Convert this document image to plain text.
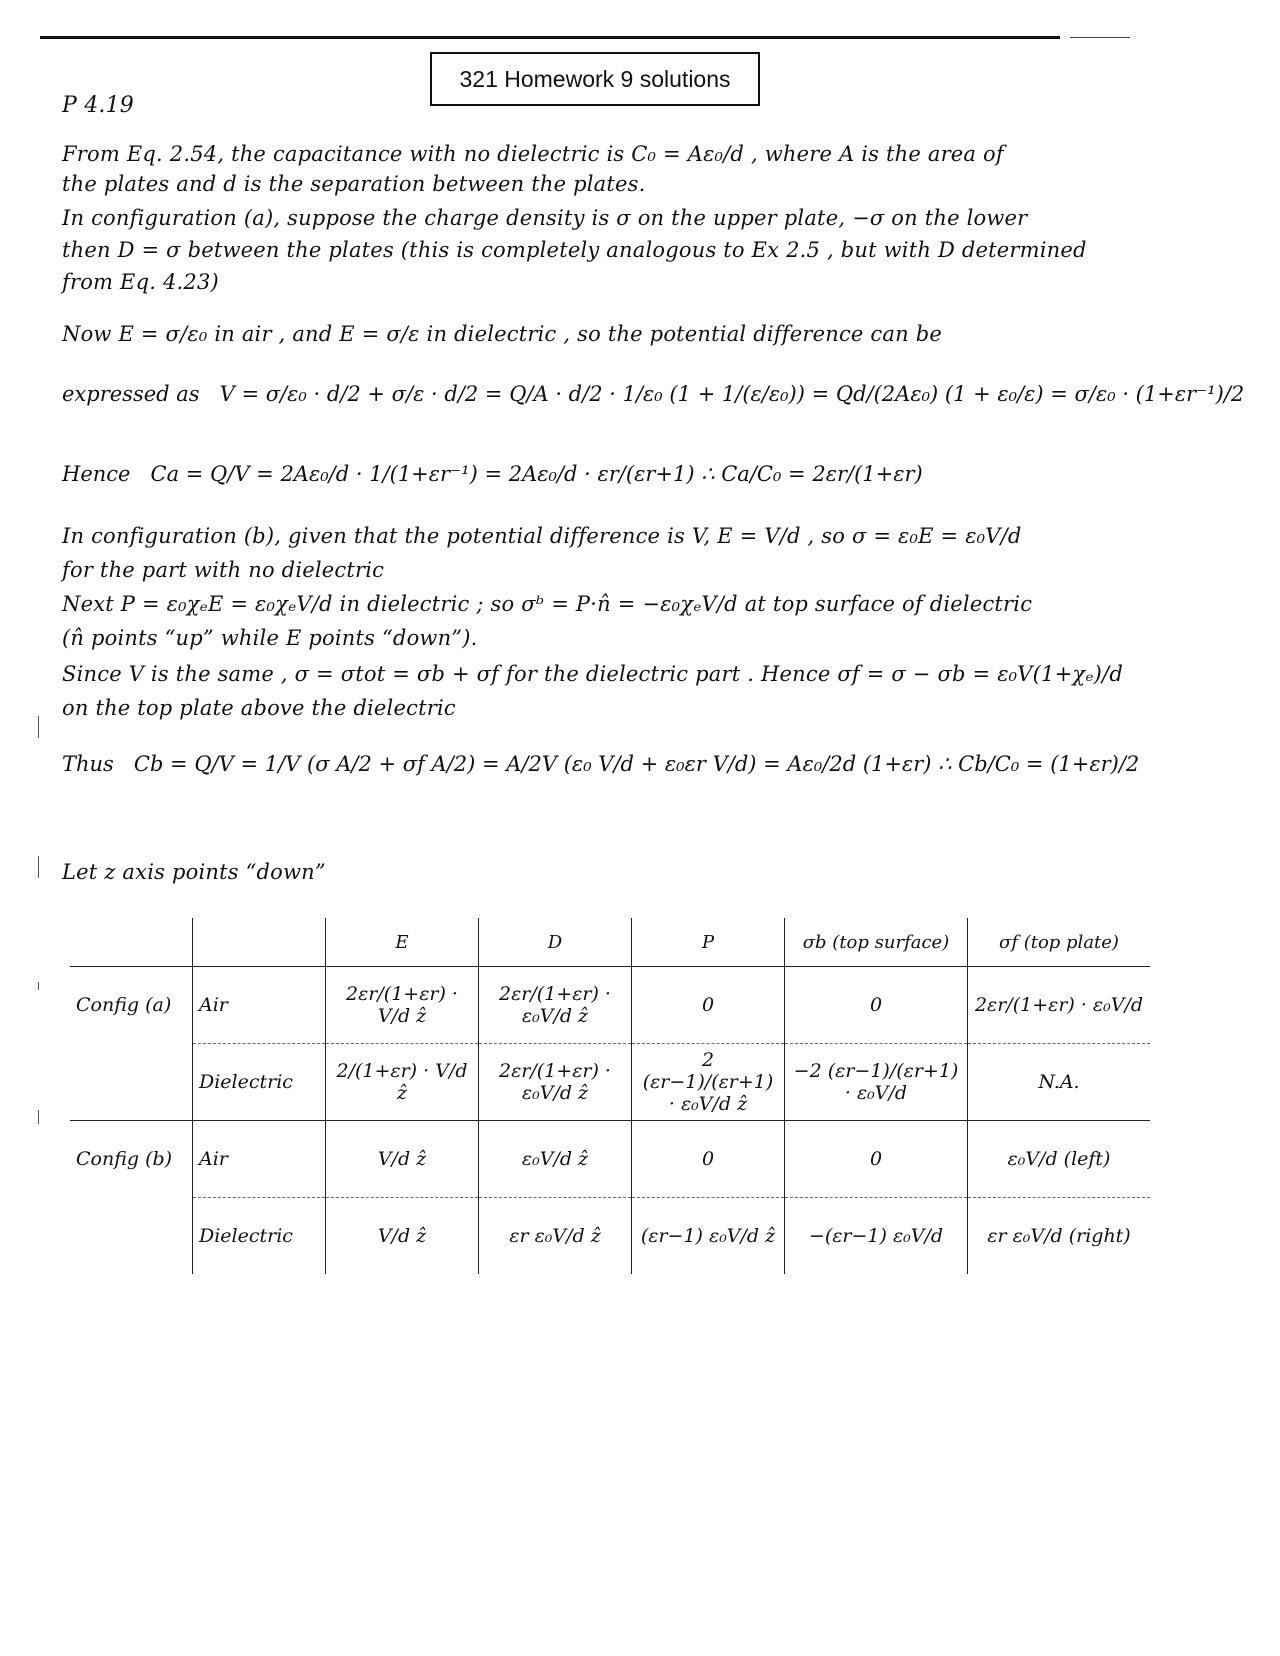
321 Homework 9 solutions
P 4.19
From Eq. 2.54, the capacitance with no dielectric is C₀ = Aε₀/d , where A is the area of
the plates and d is the separation between the plates.
In configuration (a), suppose the charge density is σ on the upper plate, −σ on the lower
then D = σ between the plates (this is completely analogous to Ex 2.5 , but with D determined
from Eq. 4.23)
Now E = σ/ε₀ in air , and E = σ/ε in dielectric , so the potential difference can be
expressed as V = σ/ε₀ · d/2 + σ/ε · d/2 = Q/A · d/2 · 1/ε₀ (1 + 1/(ε/ε₀)) = Qd/(2Aε₀) (1 + ε₀/ε) = σ/ε₀ · (1+εr⁻¹)/2
Hence Ca = Q/V = 2Aε₀/d · 1/(1+εr⁻¹) = 2Aε₀/d · εr/(εr+1) ∴ Ca/C₀ = 2εr/(1+εr)
In configuration (b), given that the potential difference is V, E = V/d , so σ = ε₀E = ε₀V/d
for the part with no dielectric
Next P = ε₀χₑE = ε₀χₑV/d in dielectric ; so σᵇ = P·n̂ = −ε₀χₑV/d at top surface of dielectric
(n̂ points “up” while E points “down”).
Since V is the same , σ = σtot = σb + σf for the dielectric part . Hence σf = σ − σb = ε₀V(1+χₑ)/d
on the top plate above the dielectric
Thus Cb = Q/V = 1/V (σ A/2 + σf A/2) = A/2V (ε₀ V/d + ε₀εr V/d) = Aε₀/2d (1+εr) ∴ Cb/C₀ = (1+εr)/2
Let z axis points “down”
		E	D	P	σb (top surface)	σf (top plate)
Config (a)	Air	2εr/(1+εr) · V/d ẑ	2εr/(1+εr) · ε₀V/d ẑ	0	0	2εr/(1+εr) · ε₀V/d
	Dielectric	2/(1+εr) · V/d ẑ	2εr/(1+εr) · ε₀V/d ẑ	2 (εr−1)/(εr+1) · ε₀V/d ẑ	−2 (εr−1)/(εr+1) · ε₀V/d	N.A.
Config (b)	Air	V/d ẑ	ε₀V/d ẑ	0	0	ε₀V/d (left)
	Dielectric	V/d ẑ	εr ε₀V/d ẑ	(εr−1) ε₀V/d ẑ	−(εr−1) ε₀V/d	εr ε₀V/d (right)
